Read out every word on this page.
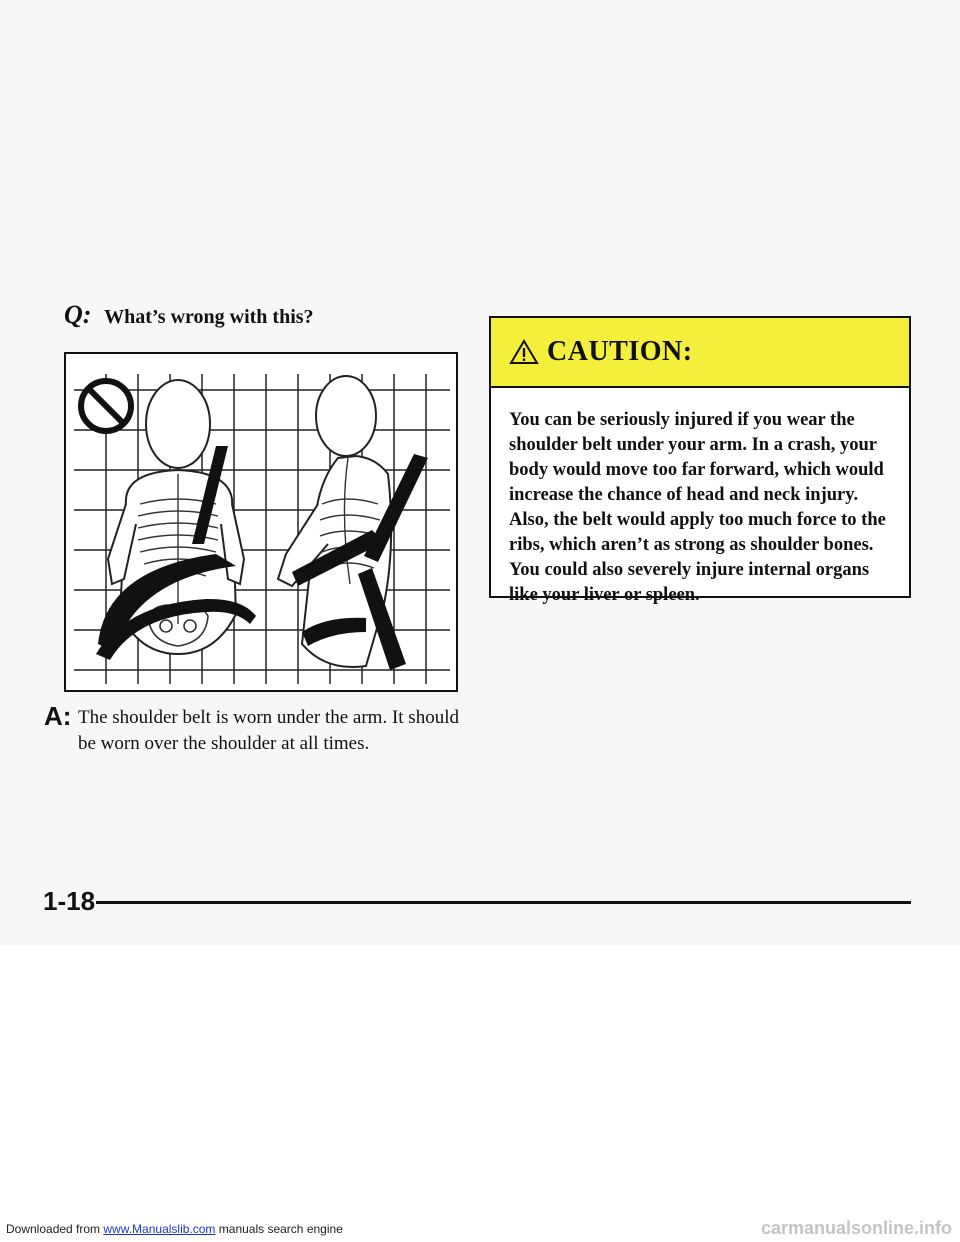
Q: What’s wrong with this?
A: The shoulder belt is worn under the arm. It should be worn over the shoulder at all times.
CAUTION:
You can be seriously injured if you wear the shoulder belt under your arm. In a crash, your body would move too far forward, which would increase the chance of head and neck injury. Also, the belt would apply too much force to the ribs, which aren’t as strong as shoulder bones. You could also severely injure internal organs like your liver or spleen.
1-18
Downloaded from www.Manualslib.com manuals search engine	carmanualsonline.info
